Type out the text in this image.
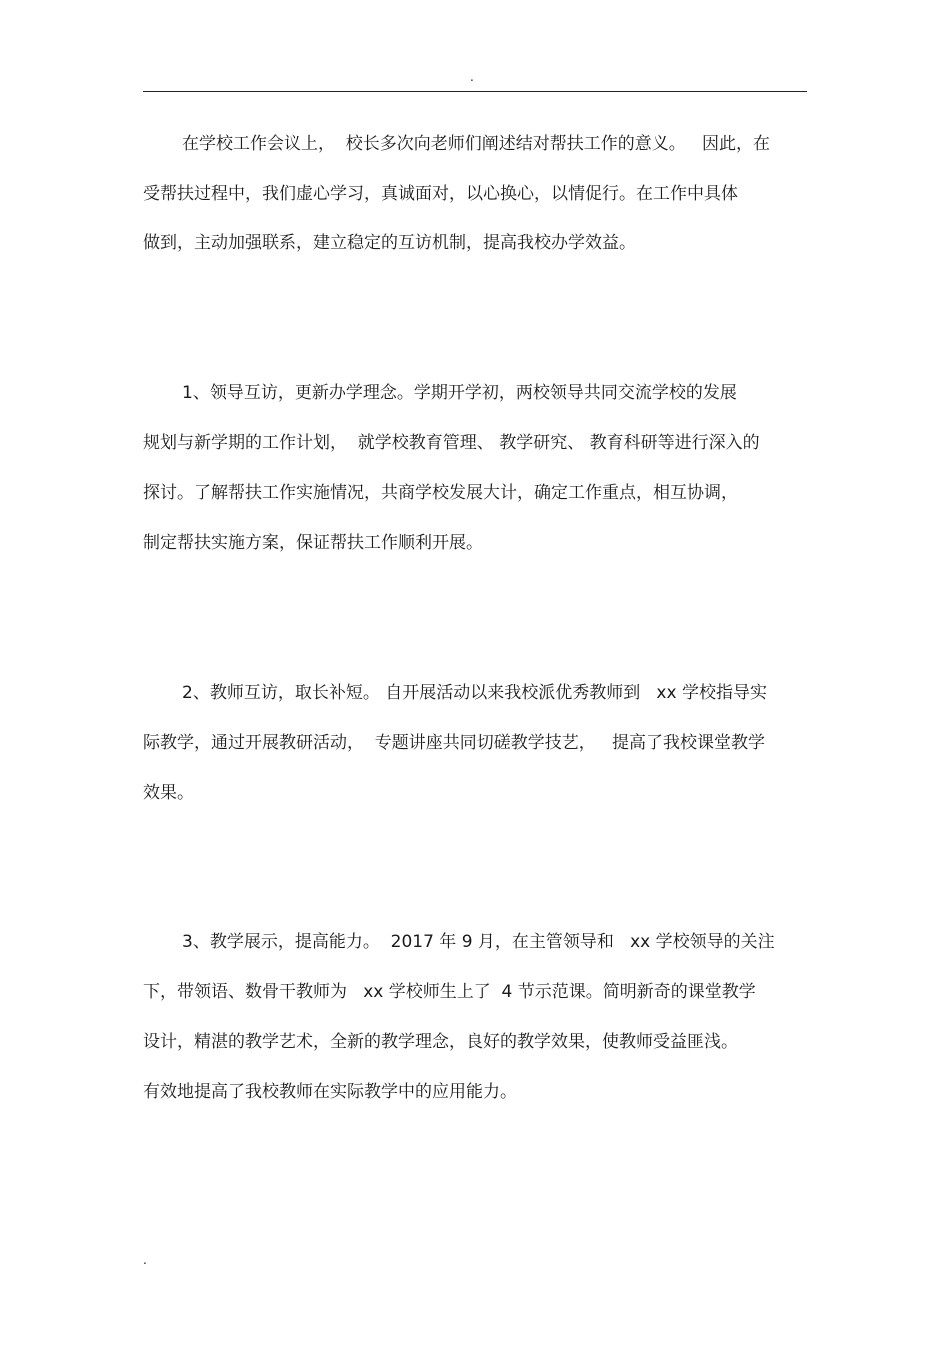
.
在学校工作会议上，  校长多次向老师们阐述结对帮扶工作的意义。   因此，在
受帮扶过程中，我们虚心学习，真诚面对，以心换心，以情促行。在工作中具体
做到，主动加强联系，建立稳定的互访机制，提高我校办学效益。
1、领导互访，更新办学理念。学期开学初，两校领导共同交流学校的发展
规划与新学期的工作计划，  就学校教育管理、 教学研究、 教育科研等进行深入的
探讨。了解帮扶工作实施情况，共商学校发展大计，确定工作重点，相互协调，
制定帮扶实施方案，保证帮扶工作顺利开展。
2、教师互访，取长补短。 自开展活动以来我校派优秀教师到   xx 学校指导实
际教学，通过开展教研活动，  专题讲座共同切磋教学技艺，   提高了我校课堂教学
效果。
3、教学展示，提高能力。  2017 年 9 月，在主管领导和   xx 学校领导的关注
下，带领语、数骨干教师为   xx 学校师生上了  4 节示范课。简明新奇的课堂教学
设计，精湛的教学艺术，全新的教学理念，良好的教学效果，使教师受益匪浅。
有效地提高了我校教师在实际教学中的应用能力。
.
